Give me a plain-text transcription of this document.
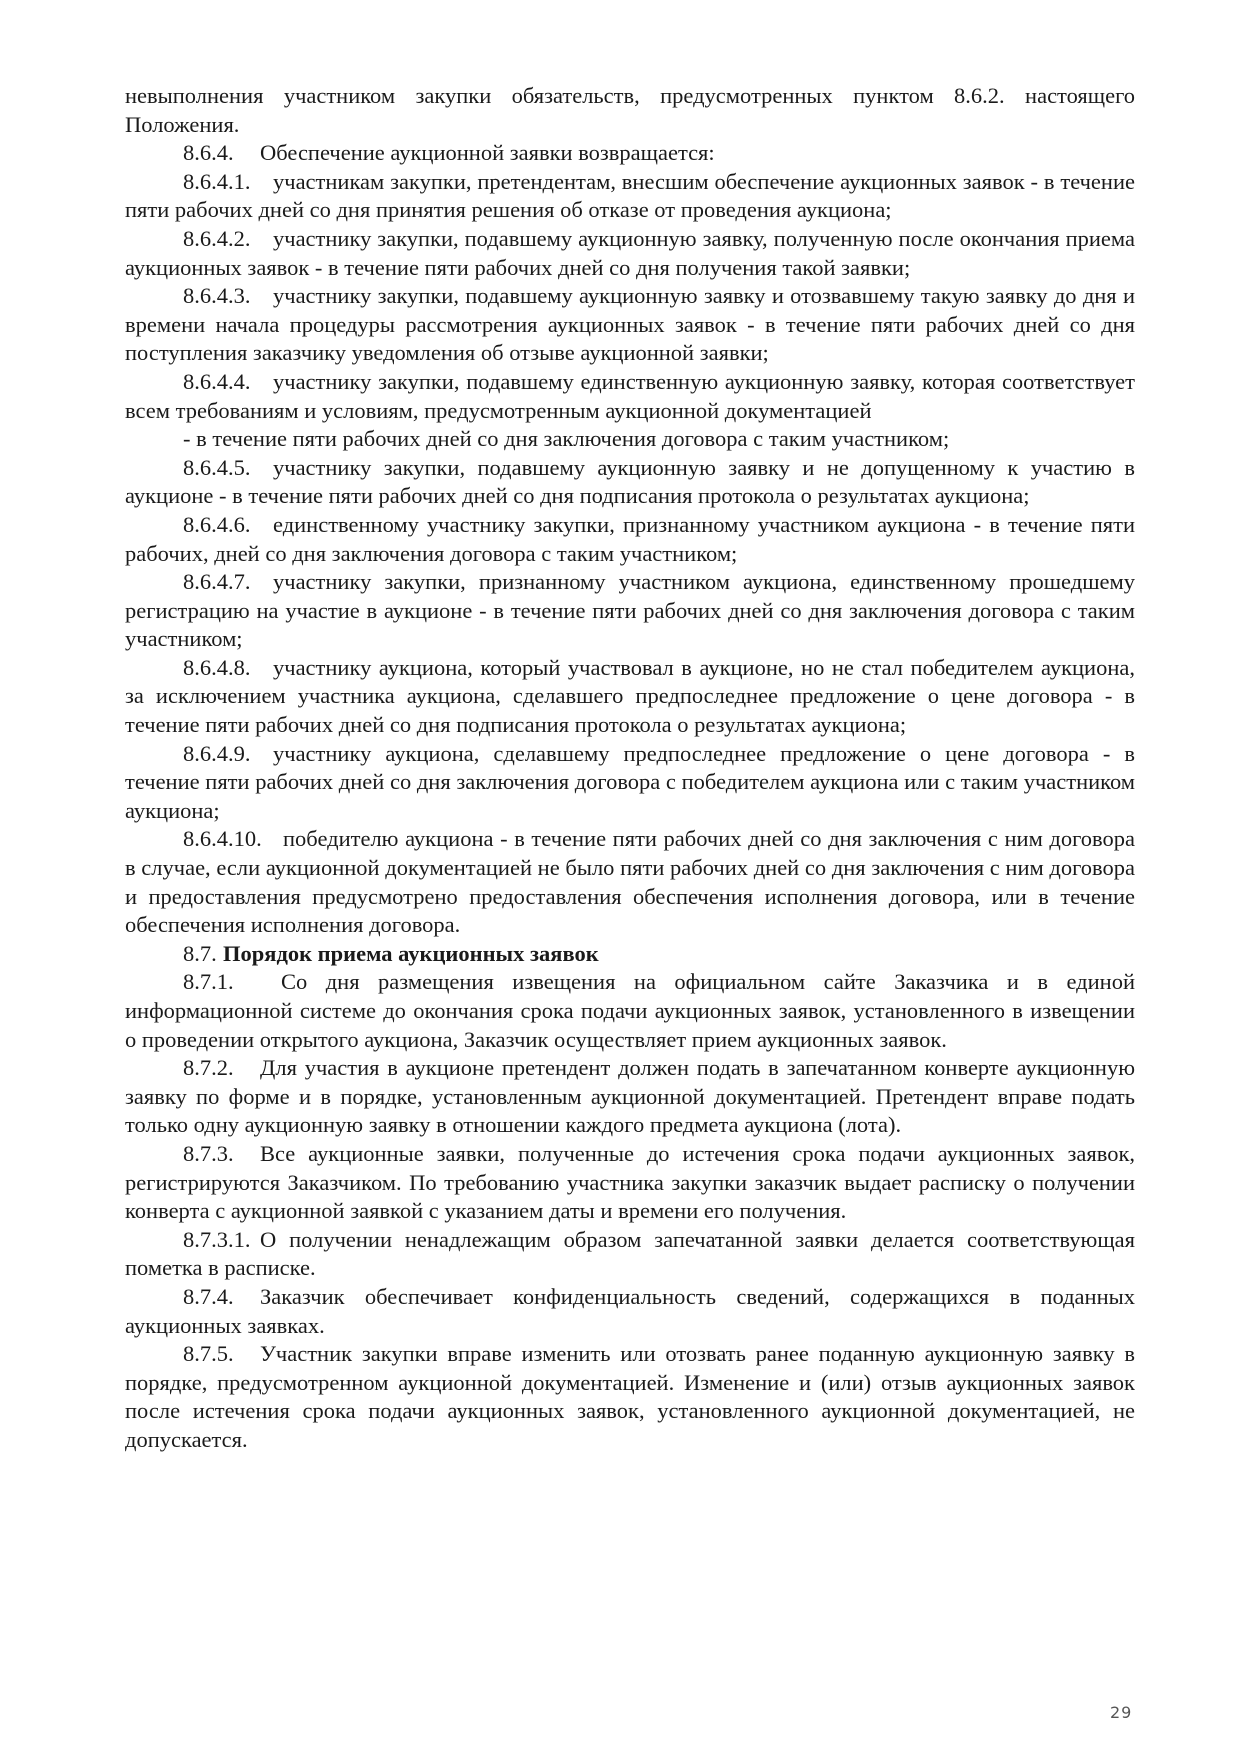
невыполнения участником закупки обязательств, предусмотренных пунктом 8.6.2. настоящего Положения.

8.6.4. Обеспечение аукционной заявки возвращается:

8.6.4.1. участникам закупки, претендентам, внесшим обеспечение аукционных заявок - в течение пяти рабочих дней со дня принятия решения об отказе от проведения аукциона;

8.6.4.2. участнику закупки, подавшему аукционную заявку, полученную после окончания приема аукционных заявок - в течение пяти рабочих дней со дня получения такой заявки;

8.6.4.3. участнику закупки, подавшему аукционную заявку и отозвавшему такую заявку до дня и времени начала процедуры рассмотрения аукционных заявок - в течение пяти рабочих дней со дня поступления заказчику уведомления об отзыве аукционной заявки;

8.6.4.4. участнику закупки, подавшему единственную аукционную заявку, которая соответствует всем требованиям и условиям, предусмотренным аукционной документацией

- в течение пяти рабочих дней со дня заключения договора с таким участником;

8.6.4.5. участнику закупки, подавшему аукционную заявку и не допущенному к участию в аукционе - в течение пяти рабочих дней со дня подписания протокола о результатах аукциона;

8.6.4.6. единственному участнику закупки, признанному участником аукциона - в течение пяти рабочих, дней со дня заключения договора с таким участником;

8.6.4.7. участнику закупки, признанному участником аукциона, единственному прошедшему регистрацию на участие в аукционе - в течение пяти рабочих дней со дня заключения договора с таким участником;

8.6.4.8. участнику аукциона, который участвовал в аукционе, но не стал победителем аукциона, за исключением участника аукциона, сделавшего предпоследнее предложение о цене договора - в течение пяти рабочих дней со дня подписания протокола о результатах аукциона;

8.6.4.9. участнику аукциона, сделавшему предпоследнее предложение о цене договора - в течение пяти рабочих дней со дня заключения договора с победителем аукциона или с таким участником аукциона;

8.6.4.10. победителю аукциона - в течение пяти рабочих дней со дня заключения с ним договора в случае, если аукционной документацией не было пяти рабочих дней со дня заключения с ним договора и предоставления предусмотрено предоставления обеспечения исполнения договора, или в течение обеспечения исполнения договора.

8.7. Порядок приема аукционных заявок

8.7.1. Со дня размещения извещения на официальном сайте Заказчика и в единой информационной системе до окончания срока подачи аукционных заявок, установленного в извещении о проведении открытого аукциона, Заказчик осуществляет прием аукционных заявок.

8.7.2. Для участия в аукционе претендент должен подать в запечатанном конверте аукционную заявку по форме и в порядке, установленным аукционной документацией. Претендент вправе подать только одну аукционную заявку в отношении каждого предмета аукциона (лота).

8.7.3. Все аукционные заявки, полученные до истечения срока подачи аукционных заявок, регистрируются Заказчиком. По требованию участника закупки заказчик выдает расписку о получении конверта с аукционной заявкой с указанием даты и времени его получения.

8.7.3.1. О получении ненадлежащим образом запечатанной заявки делается соответствующая пометка в расписке.

8.7.4. Заказчик обеспечивает конфиденциальность сведений, содержащихся в поданных аукционных заявках.

8.7.5. Участник закупки вправе изменить или отозвать ранее поданную аукционную заявку в порядке, предусмотренном аукционной документацией. Изменение и (или) отзыв аукционных заявок после истечения срока подачи аукционных заявок, установленного аукционной документацией, не допускается.

29
